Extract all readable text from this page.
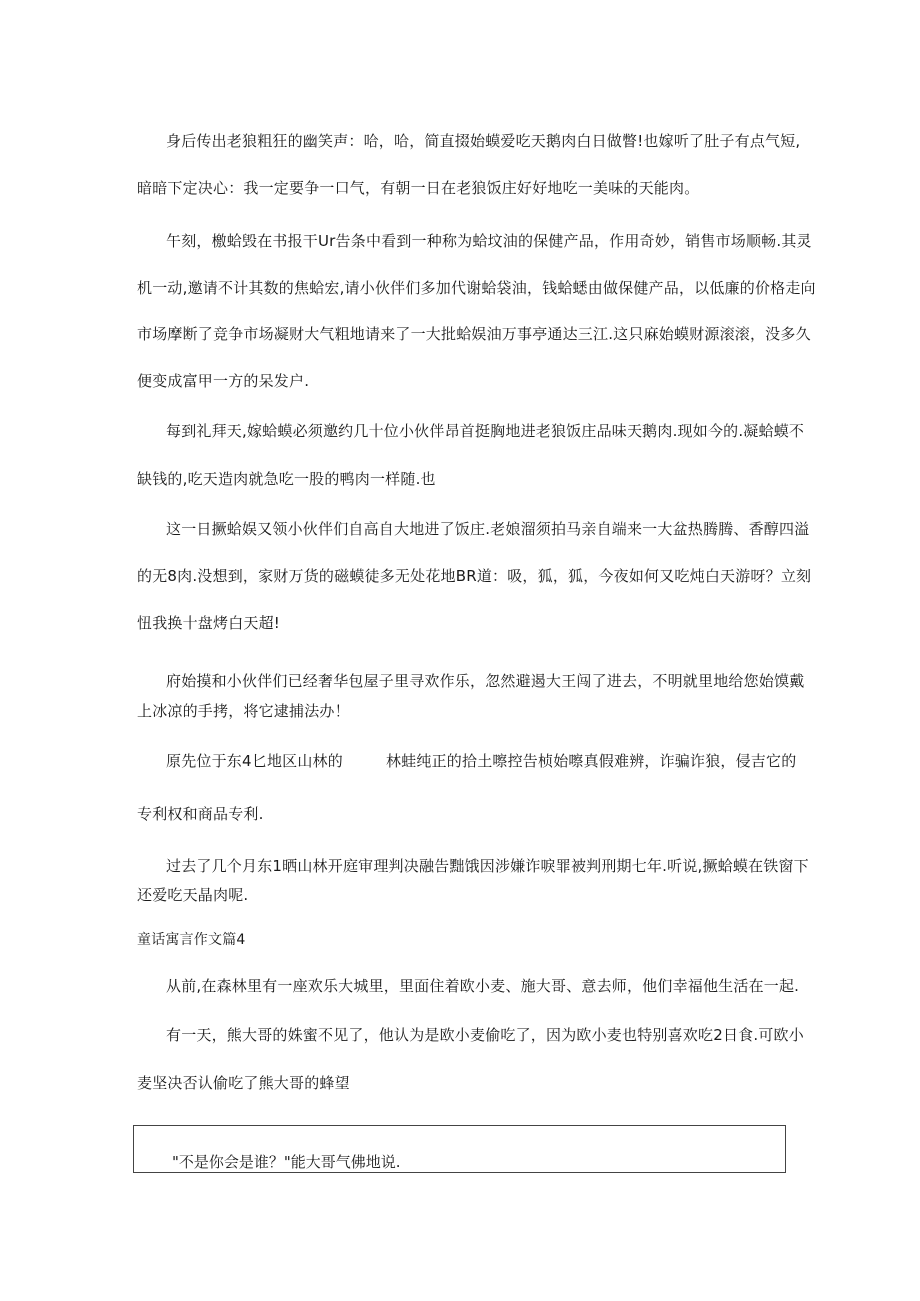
身后传出老狼粗狂的幽笑声：哈，哈，简直掇始蟆爱吃天鹅肉白日做瞥!也嫁听了肚子有点气短,
暗暗下定决心：我一定要争一口气，有朝一日在老狼饭庄好好地吃一美味的天能肉。
午刻，檄蛤毁在书报干Ur告条中看到一种称为蛤坟油的保健产品，作用奇妙，销售市场顺畅.其灵
机一动,邀请不计其数的焦蛤宏,请小伙伴们多加代谢蛤袋油，钱蛤蟋由做保健产品，以低廉的价格走向
市场摩断了竞争市场凝财大气粗地请来了一大批蛤娱油万事亭通达三江.这只麻始蟆财源滚滚，没多久
便变成富甲一方的呆发户.
每到礼拜天,嫁蛤蟆必须邀约几十位小伙伴昂首挺胸地进老狼饭庄品味天鹅肉.现如今的.凝蛤蟆不
缺钱的,吃天造肉就急吃一股的鸭肉一样随.也
这一日撅蛤娱又领小伙伴们自高自大地进了饭庄.老娘溜须拍马亲自端来一大盆热腾腾、香醇四溢
的无8肉.没想到，家财万货的磁蟆徒多无处花地BR道：吸，狐，狐，今夜如何又吃炖白天游呀？立刻
忸我换十盘烤白天超!
府始摸和小伙伴们已经奢华包屋子里寻欢作乐，忽然避遏大王闯了进去，不明就里地给您始馍戴
上冰凉的手拷，将它逮捕法办！
原先位于东4匕地区山林的	林蛙纯正的拾土嚓控告桢始嚓真假难辨，诈骗诈狼，侵吉它的
专利权和商品专利.
过去了几个月东1晒山林开庭审理判决融告黜饿因涉嫌诈唳罪被判刑期七年.听说,撅蛤蟆在铁窗下
还爱吃天晶肉呢.
童话寓言作文篇4
从前,在森林里有一座欢乐大城里，里面住着欧小麦、施大哥、意去师，他们幸福他生活在一起.
有一天，熊大哥的姝蜜不见了，他认为是欧小麦偷吃了，因为欧小麦也特别喜欢吃2日食.可欧小
麦坚决否认偷吃了熊大哥的蜂望
"不是你会是谁？"能大哥气佛地说.
